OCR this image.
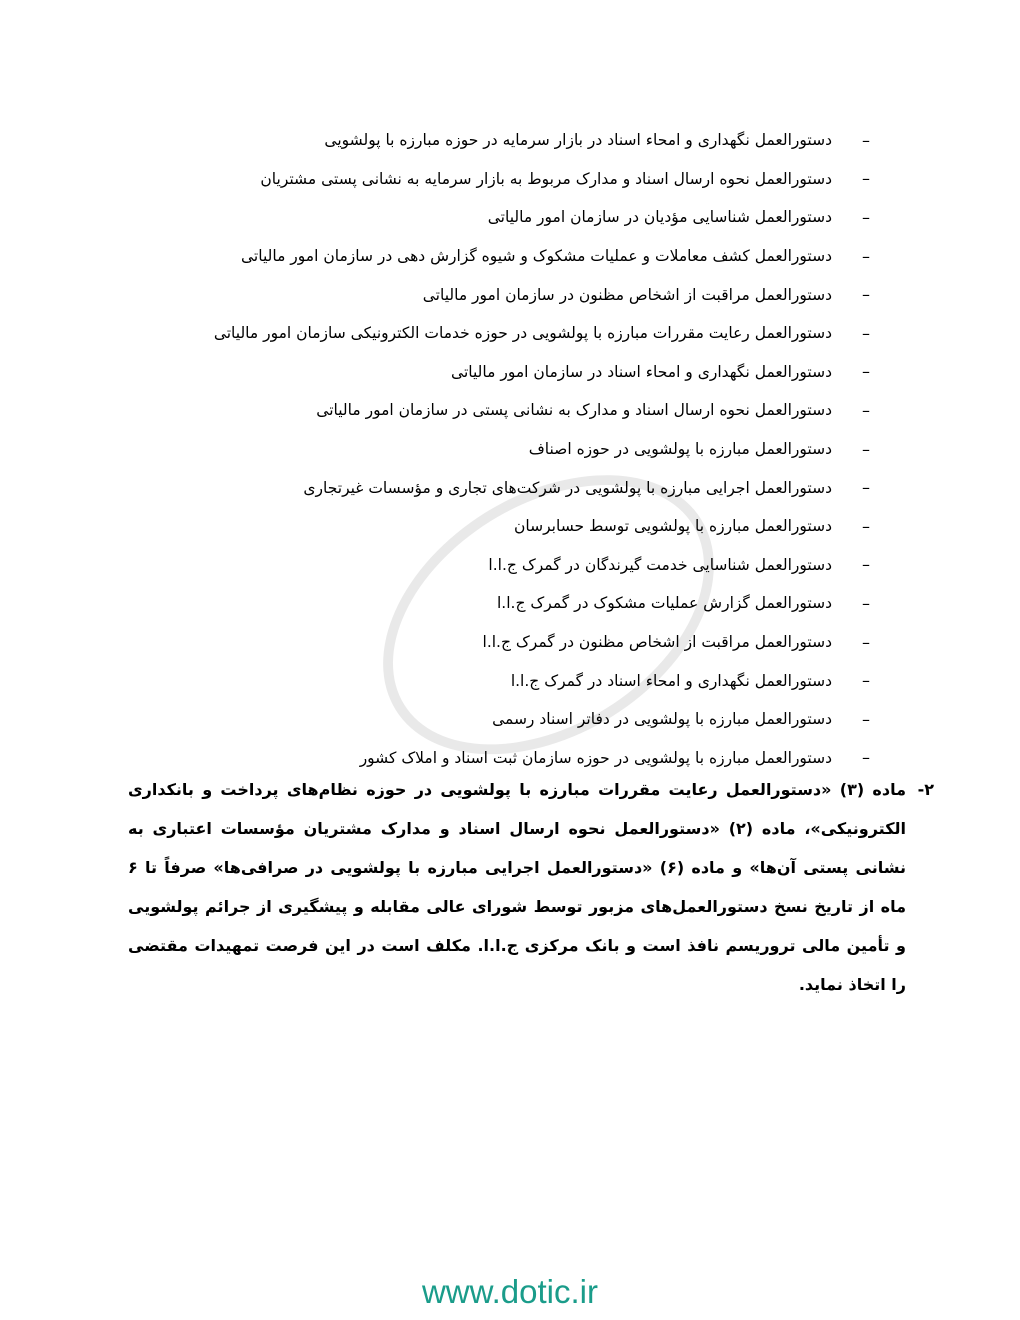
–
دستورالعمل نگهداری و امحاء اسناد در بازار سرمایه در حوزه مبارزه با پولشویی
–
دستورالعمل نحوه ارسال اسناد و مدارک مربوط به بازار سرمایه به نشانی پستی مشتریان
–
دستورالعمل شناسایی مؤدیان در سازمان امور مالیاتی
–
دستورالعمل کشف معاملات و عملیات مشکوک و شیوه گزارش دهی در سازمان امور مالیاتی
–
دستورالعمل مراقبت از اشخاص مظنون در سازمان امور مالیاتی
–
دستورالعمل رعایت مقررات مبارزه با پولشویی در حوزه خدمات الکترونیکی سازمان امور مالیاتی
–
دستورالعمل نگهداری و امحاء اسناد در سازمان امور مالیاتی
–
دستورالعمل نحوه ارسال اسناد و مدارک به نشانی پستی در سازمان امور مالیاتی
–
دستورالعمل مبارزه با پولشویی در حوزه اصناف
–
دستورالعمل اجرایی مبارزه با پولشویی در شرکت‌های تجاری و مؤسسات غیرتجاری
–
دستورالعمل مبارزه با پولشویی توسط حسابرسان
–
دستورالعمل شناسایی خدمت گیرندگان در گمرک ج.ا.ا
–
دستورالعمل گزارش عملیات مشکوک در گمرک ج.ا.ا
–
دستورالعمل مراقبت از اشخاص مظنون در گمرک ج.ا.ا
–
دستورالعمل نگهداری و امحاء اسناد در گمرک ج.ا.ا
–
دستورالعمل مبارزه با پولشویی در دفاتر اسناد رسمی
–
دستورالعمل مبارزه با پولشویی در حوزه سازمان ثبت اسناد و املاک کشور
۲-
ماده (۳) «دستورالعمل رعایت مقررات مبارزه با پولشویی در حوزه نظام‌های پرداخت و بانکداری الکترونیکی»، ماده (۲) «دستورالعمل نحوه ارسال اسناد و مدارک مشتریان مؤسسات اعتباری به نشانی پستی آن‌ها» و ماده (۶) «دستورالعمل اجرایی مبارزه با پولشویی در صرافی‌ها» صرفاً تا ۶ ماه از تاریخ نسخ دستورالعمل‌های مزبور توسط شورای عالی مقابله و پیشگیری از جرائم پولشویی و تأمین مالی تروریسم نافذ است و بانک مرکزی ج.ا.ا. مکلف است در این فرصت تمهیدات مقتضی را اتخاذ نماید.
www.dotic.ir
